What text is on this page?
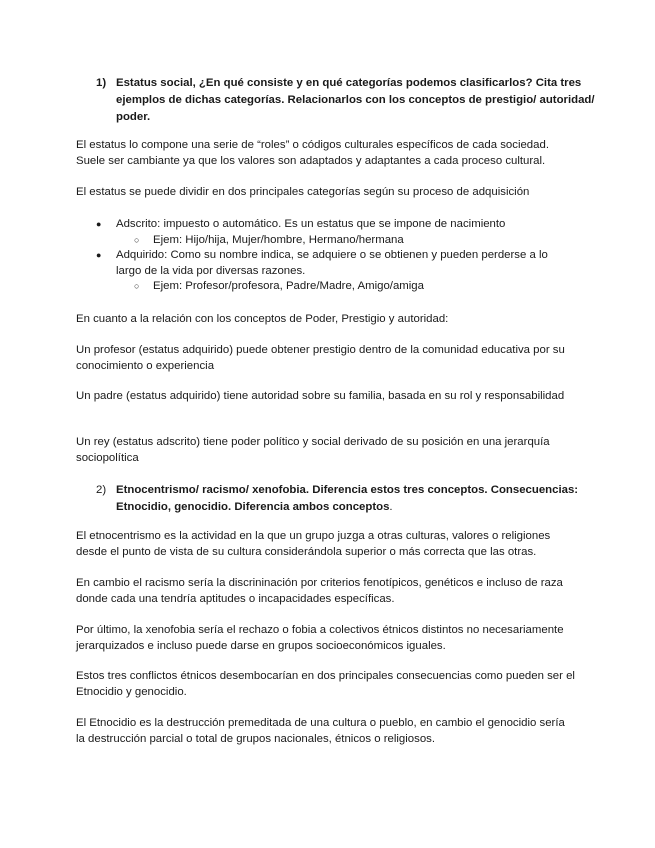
1) Estatus social, ¿En qué consiste y en qué categorías podemos clasificarlos? Cita tres ejemplos de dichas categorías. Relacionarlos con los conceptos de prestigio/ autoridad/ poder.
El estatus lo compone una serie de “roles” o códigos culturales específicos de cada sociedad. Suele ser cambiante ya que los valores son adaptados y adaptantes a cada proceso cultural.
El estatus se puede dividir en dos principales categorías según su proceso de adquisición
●	Adscrito: impuesto o automático. Es un estatus que se impone de nacimiento
○	Ejem: Hijo/hija, Mujer/hombre, Hermano/hermana
●	Adquirido: Como su nombre indica, se adquiere o se obtienen y pueden perderse a lo largo de la vida por diversas razones.
○	Ejem: Profesor/profesora, Padre/Madre, Amigo/amiga
En cuanto a la relación con los conceptos de Poder, Prestigio y autoridad:
Un profesor (estatus adquirido) puede obtener prestigio dentro de la comunidad educativa por su conocimiento o experiencia
Un padre (estatus adquirido) tiene autoridad sobre su familia, basada en su rol y responsabilidad
Un rey (estatus adscrito) tiene poder político y social derivado de su posición en una jerarquía sociopolítica
2) Etnocentrismo/ racismo/ xenofobia. Diferencia estos tres conceptos. Consecuencias: Etnocidio, genocidio. Diferencia ambos conceptos.
El etnocentrismo es la actividad en la que un grupo juzga a otras culturas, valores o religiones desde el punto de vista de su cultura considerándola superior o más correcta que las otras.
En cambio el racismo sería la discrininación por criterios fenotípicos, genéticos e incluso de raza donde cada una tendría aptitudes o incapacidades específicas.
Por último, la xenofobia sería el rechazo o fobia a colectivos étnicos distintos no necesariamente jerarquizados e incluso puede darse en grupos socioeconómicos iguales.
Estos tres conflictos étnicos desembocarían en dos principales consecuencias como pueden ser el Etnocidio y genocidio.
El Etnocidio es la destrucción premeditada de una cultura o pueblo, en cambio el genocidio sería la destrucción parcial o total de grupos nacionales, étnicos o religiosos.
